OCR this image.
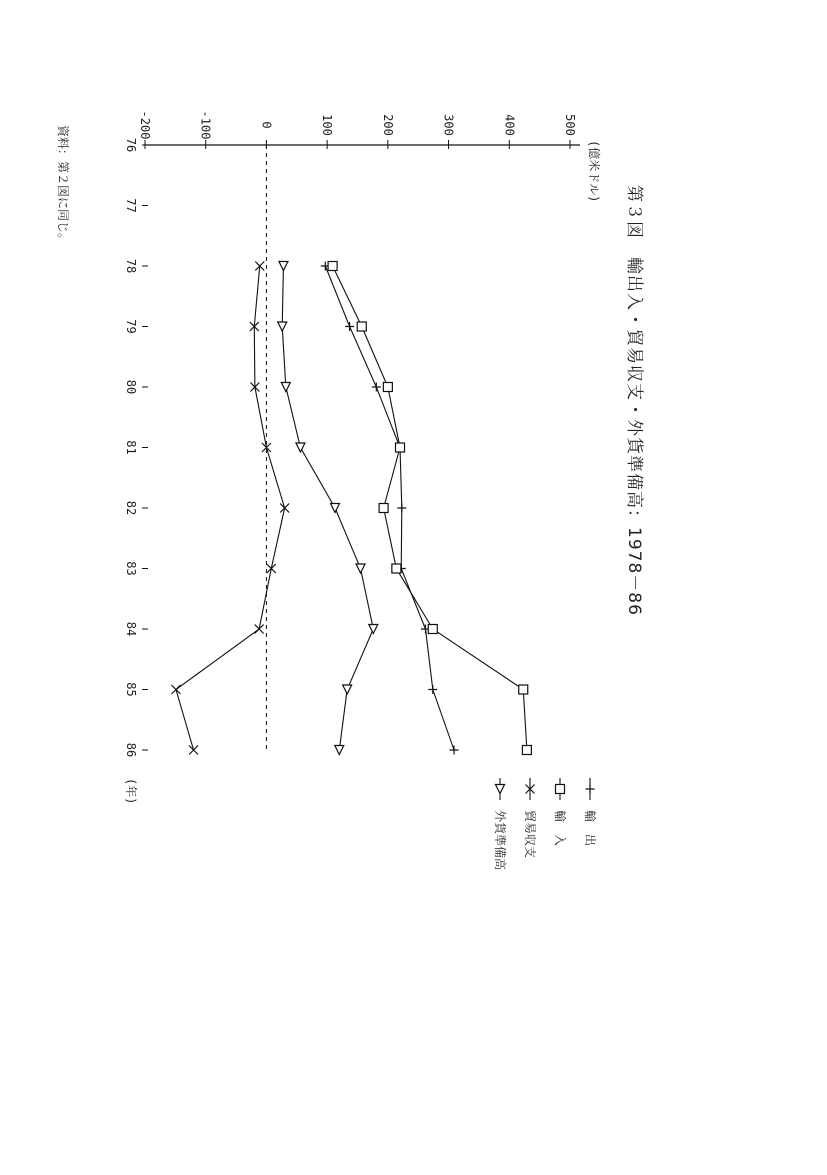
-200	-100	0	100	200	300	400	500
76
77
78
79
80
81
82
83
84
85
86
(億米ドル)
(年)
第３図　輸出入・貿易収支・外貨準備高：1978－86
資料：第２図に同じ。
輸　出
輸　入
貿易収支
外貨準備高
